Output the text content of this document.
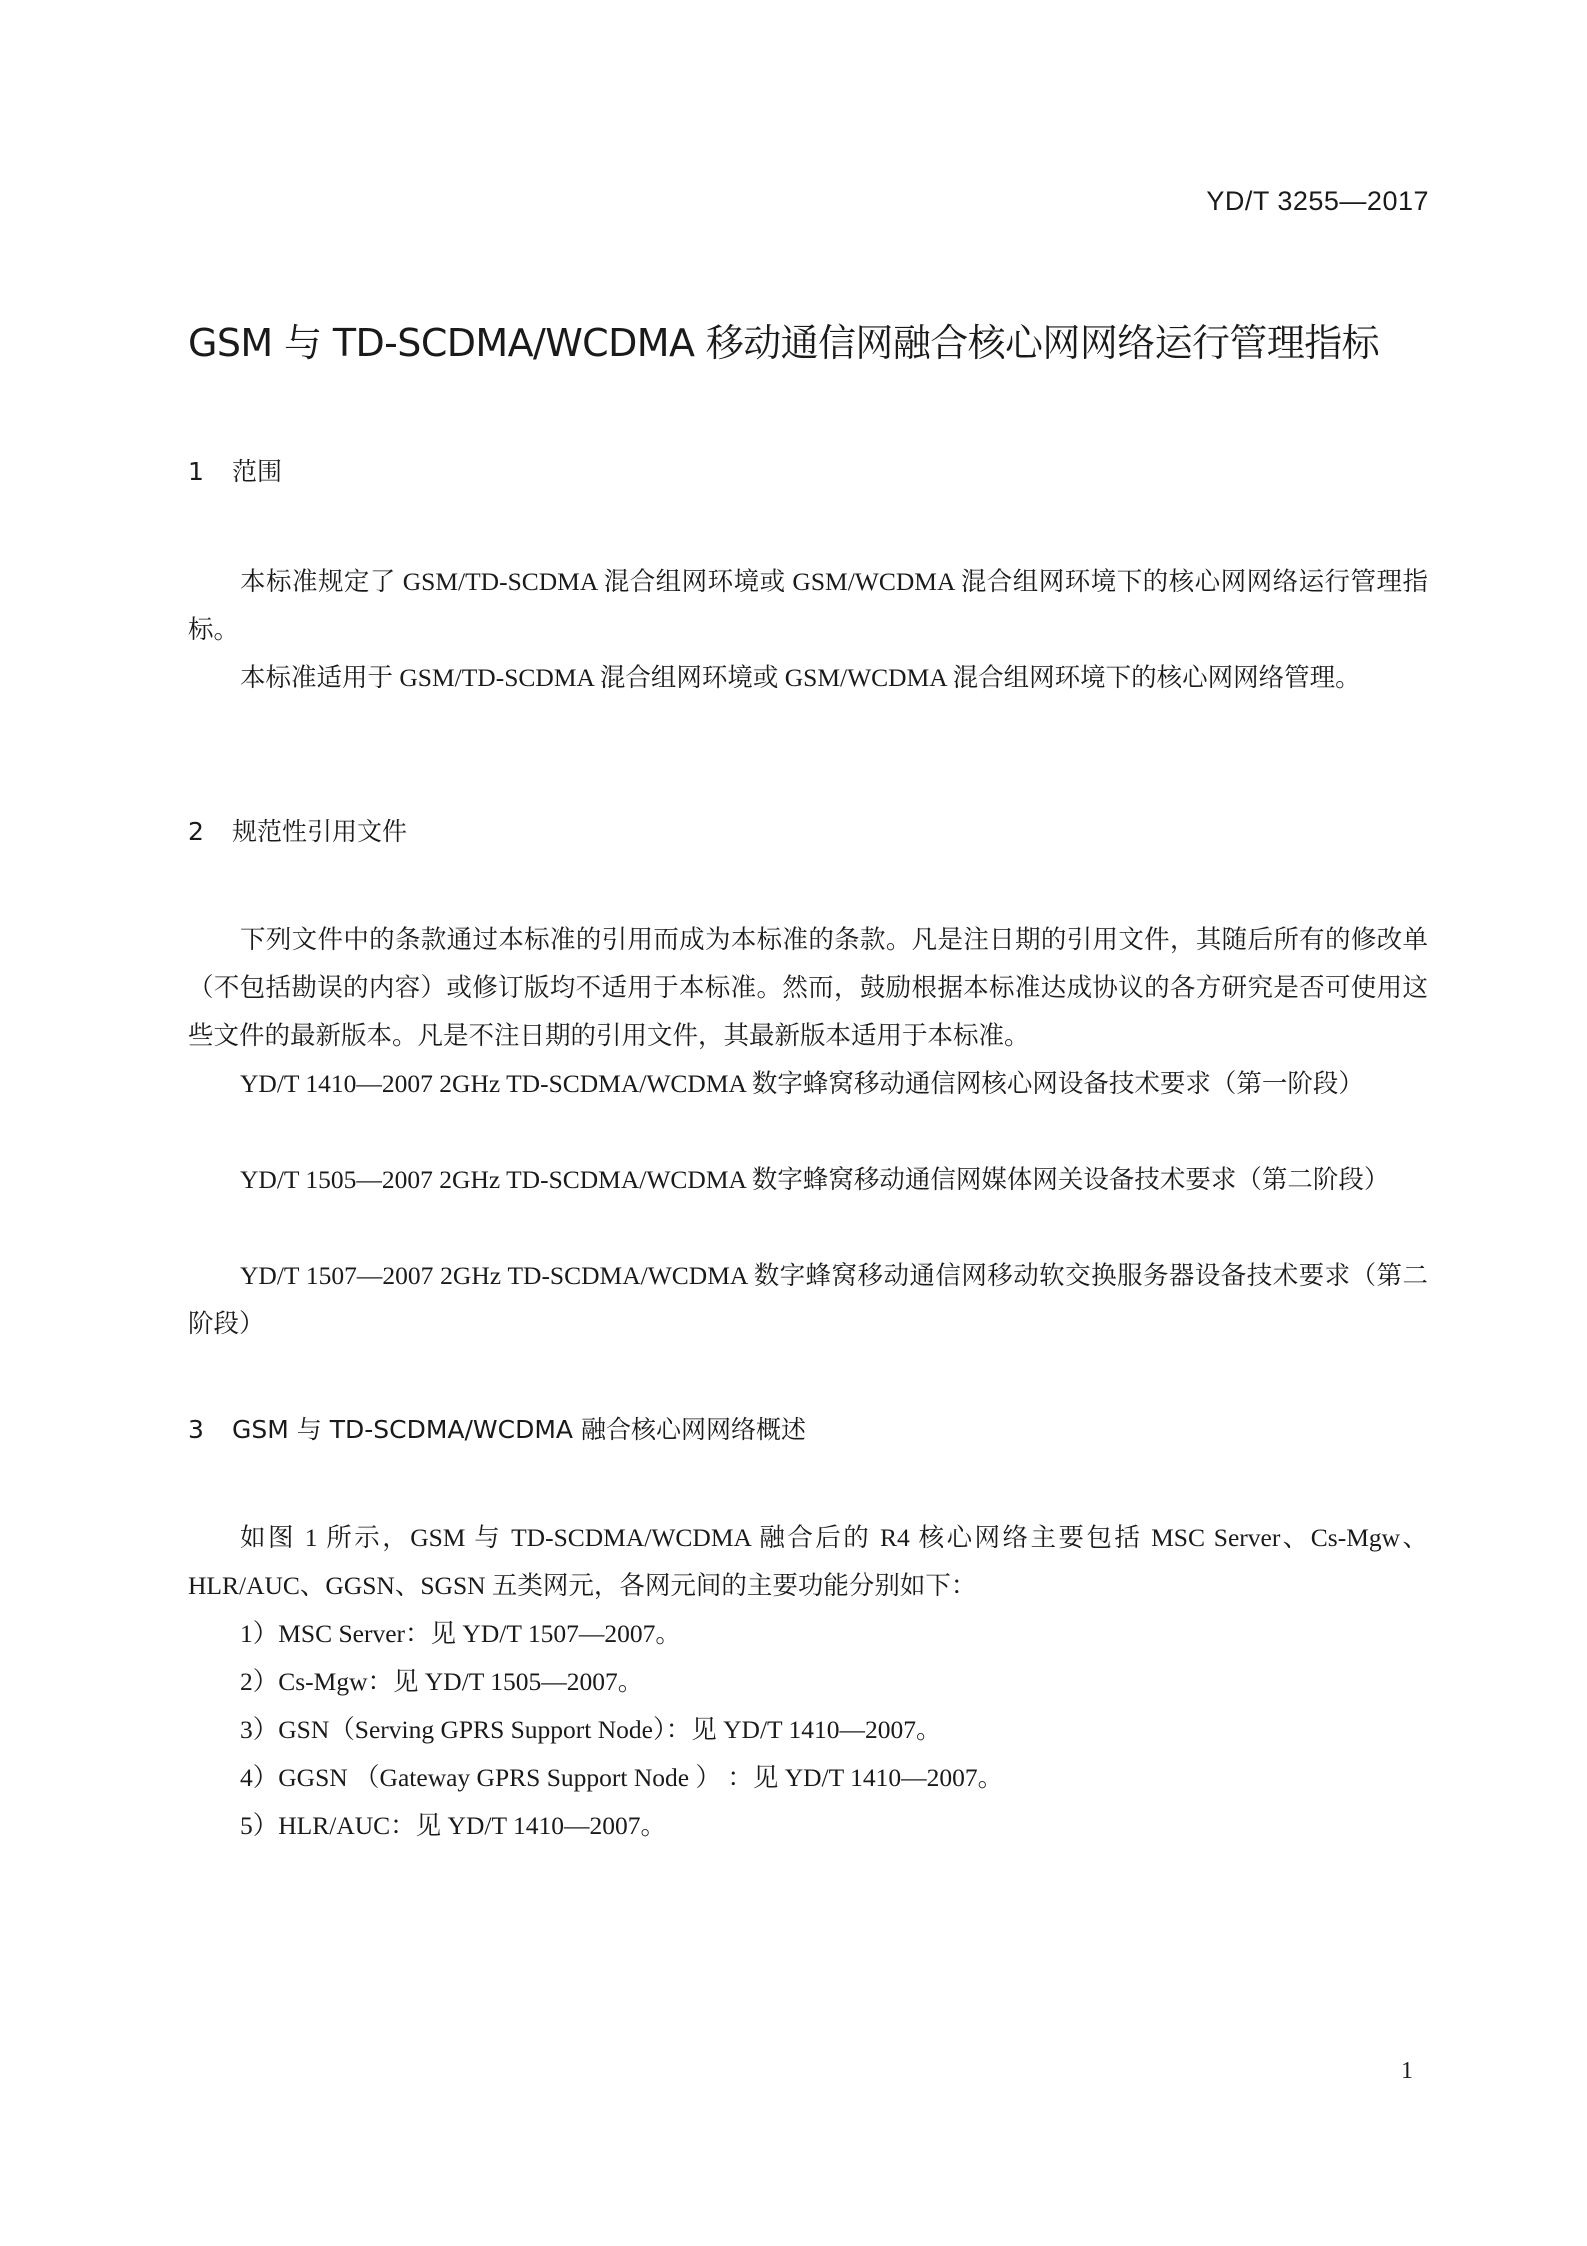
YD/T 3255—2017
GSM 与 TD-SCDMA/WCDMA 移动通信网融合核心网网络运行管理指标
1 范围

本标准规定了 GSM/TD-SCDMA 混合组网环境或 GSM/WCDMA 混合组网环境下的核心网网络运行管理指标。

本标准适用于 GSM/TD-SCDMA 混合组网环境或 GSM/WCDMA 混合组网环境下的核心网网络管理。

2 规范性引用文件

下列文件中的条款通过本标准的引用而成为本标准的条款。凡是注日期的引用文件，其随后所有的修改单（不包括勘误的内容）或修订版均不适用于本标准。然而，鼓励根据本标准达成协议的各方研究是否可使用这些文件的最新版本。凡是不注日期的引用文件，其最新版本适用于本标准。

YD/T 1410—2007 2GHz TD-SCDMA/WCDMA 数字蜂窝移动通信网核心网设备技术要求（第一阶段）

YD/T 1505—2007 2GHz TD-SCDMA/WCDMA 数字蜂窝移动通信网媒体网关设备技术要求（第二阶段）

YD/T 1507—2007 2GHz TD-SCDMA/WCDMA 数字蜂窝移动通信网移动软交换服务器设备技术要求（第二阶段）

3 GSM 与 TD-SCDMA/WCDMA 融合核心网网络概述

如图 1 所示，GSM 与 TD-SCDMA/WCDMA 融合后的 R4 核心网络主要包括 MSC Server、Cs-Mgw、HLR/AUC、GGSN、SGSN 五类网元，各网元间的主要功能分别如下：

1）MSC Server：见 YD/T 1507—2007。
2）Cs-Mgw：见 YD/T 1505—2007。
3）GSN（Serving GPRS Support Node）：见 YD/T 1410—2007。
4）GGSN （Gateway GPRS Support Node ） ：见 YD/T 1410—2007。
5）HLR/AUC：见 YD/T 1410—2007。
1
